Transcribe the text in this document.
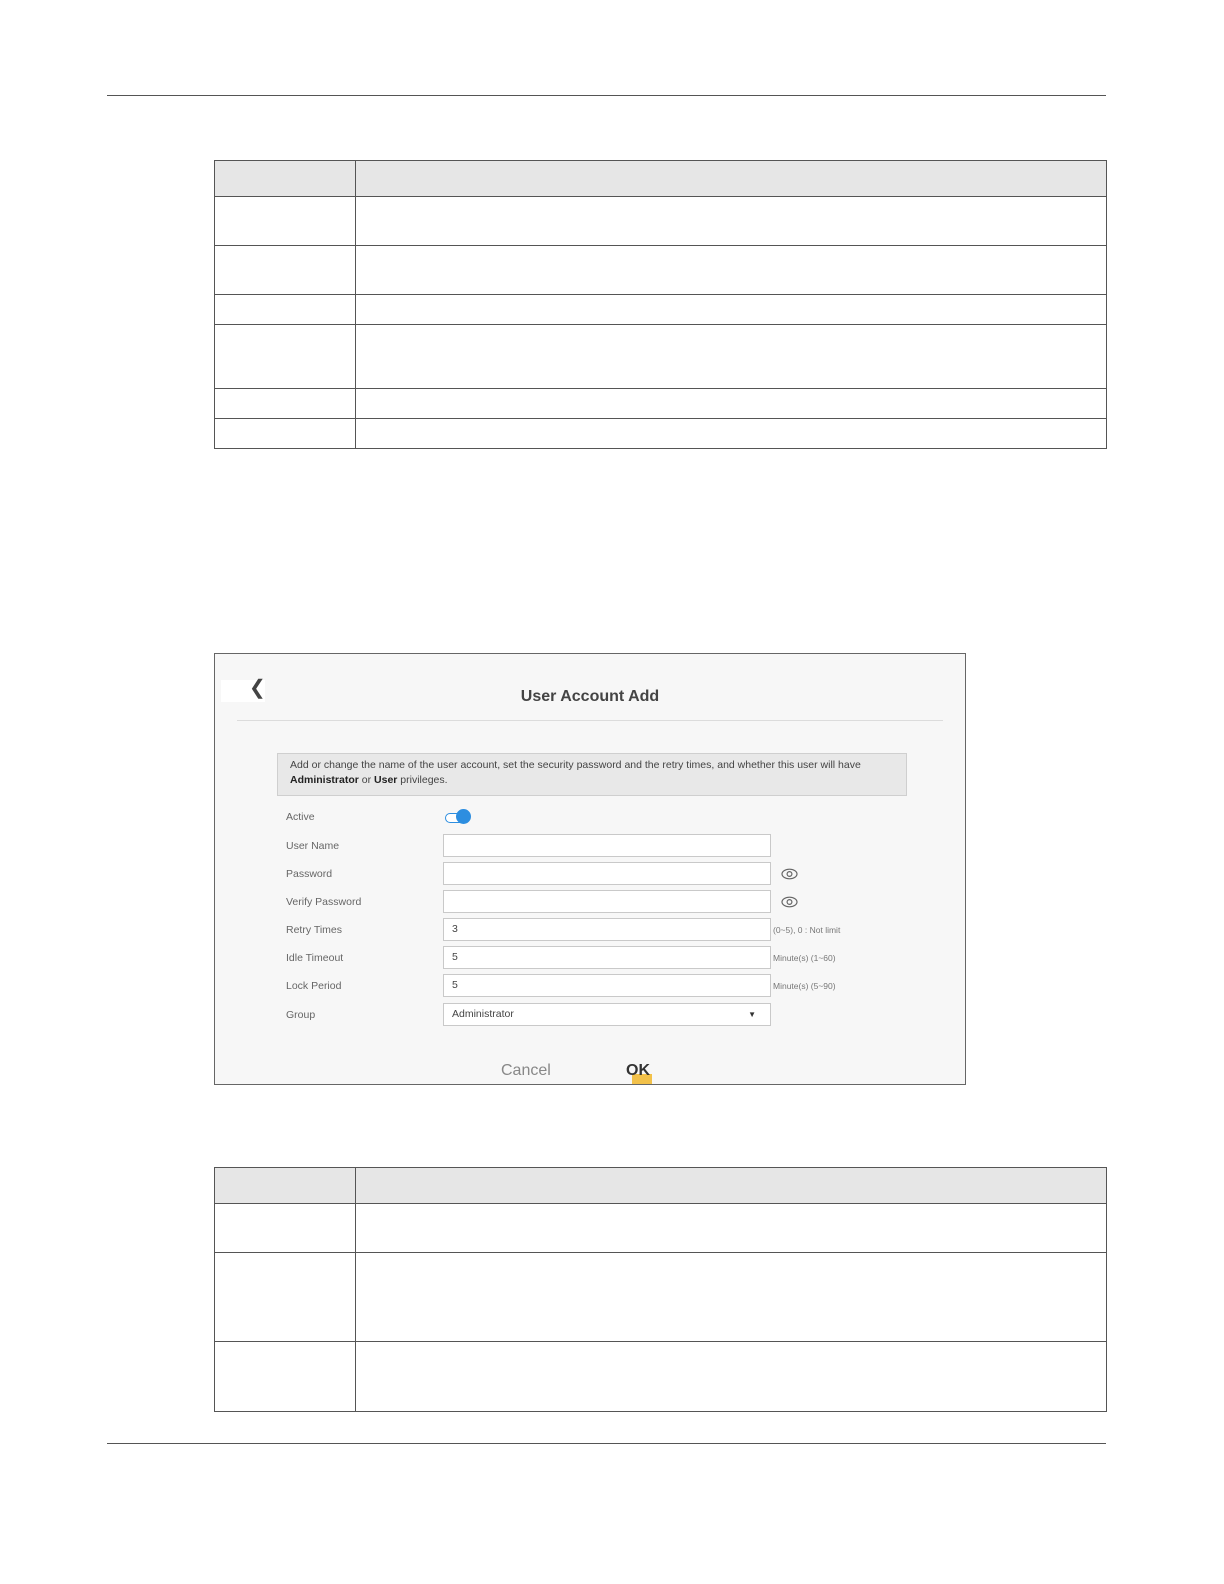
❮	User Account Add
Add or change the name of the user account, set the security password and the retry times, and whether this user will have Administrator or User privileges.
Active
User Name
Password
Verify Password
Retry Times	3	(0~5), 0 : Not limit
Idle Timeout	5	Minute(s) (1~60)
Lock Period	5	Minute(s) (5~90)
Group	Administrator	▼
Cancel	OK
